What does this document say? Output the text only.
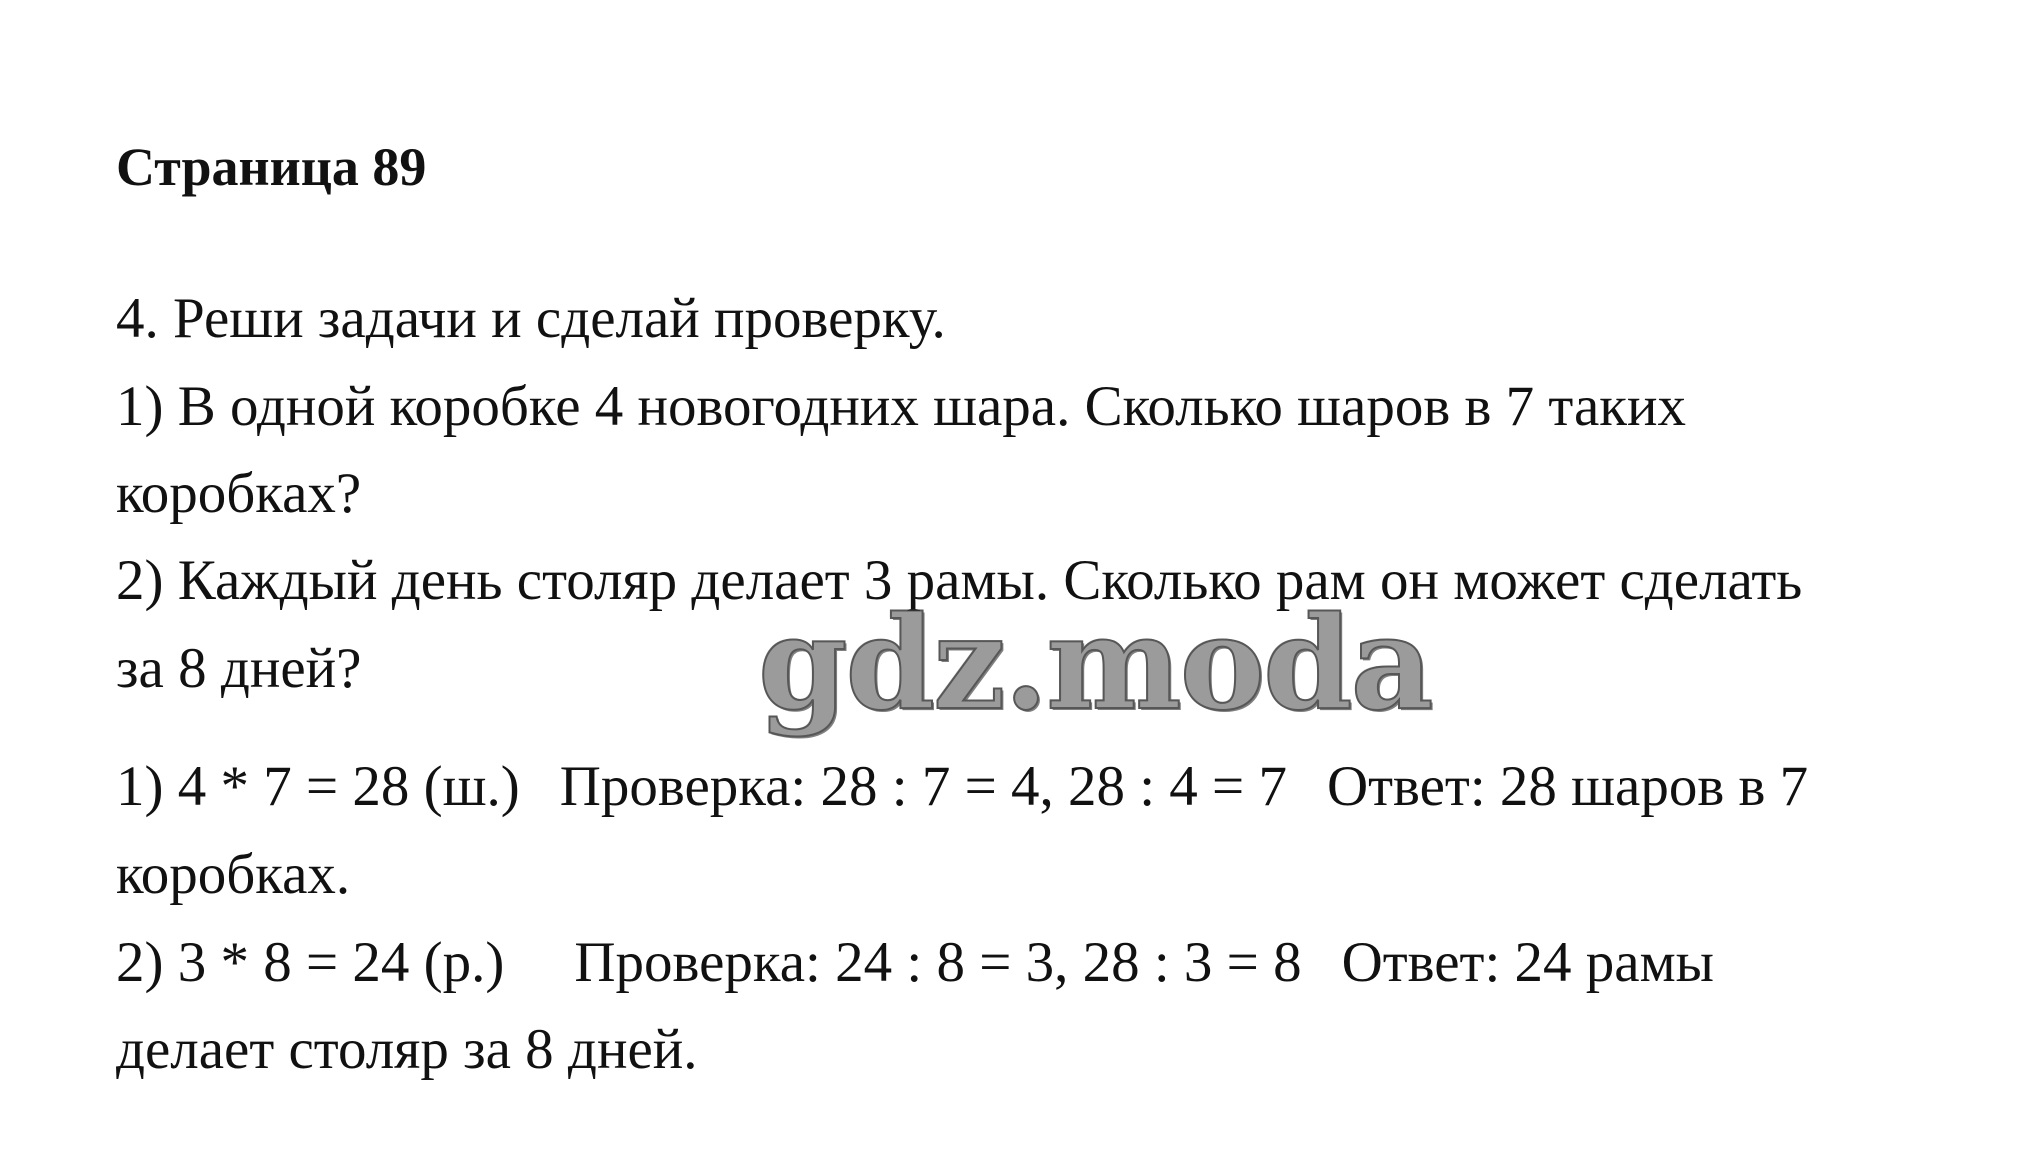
Страница 89
4. Реши задачи и сделай проверку.
1) В одной коробке 4 новогодних шара. Сколько шаров в 7 таких
коробках?
2) Каждый день столяр делает 3 рамы. Сколько рам он может сделать
за 8 дней?
1) 4 * 7 = 28 (ш.) Проверка: 28 : 7 = 4, 28 : 4 = 7 Ответ: 28 шаров в 7
коробках.
2) 3 * 8 = 24 (р.) Проверка: 24 : 8 = 3, 28 : 3 = 8 Ответ: 24 рамы
делает столяр за 8 дней.
gdz.moda
